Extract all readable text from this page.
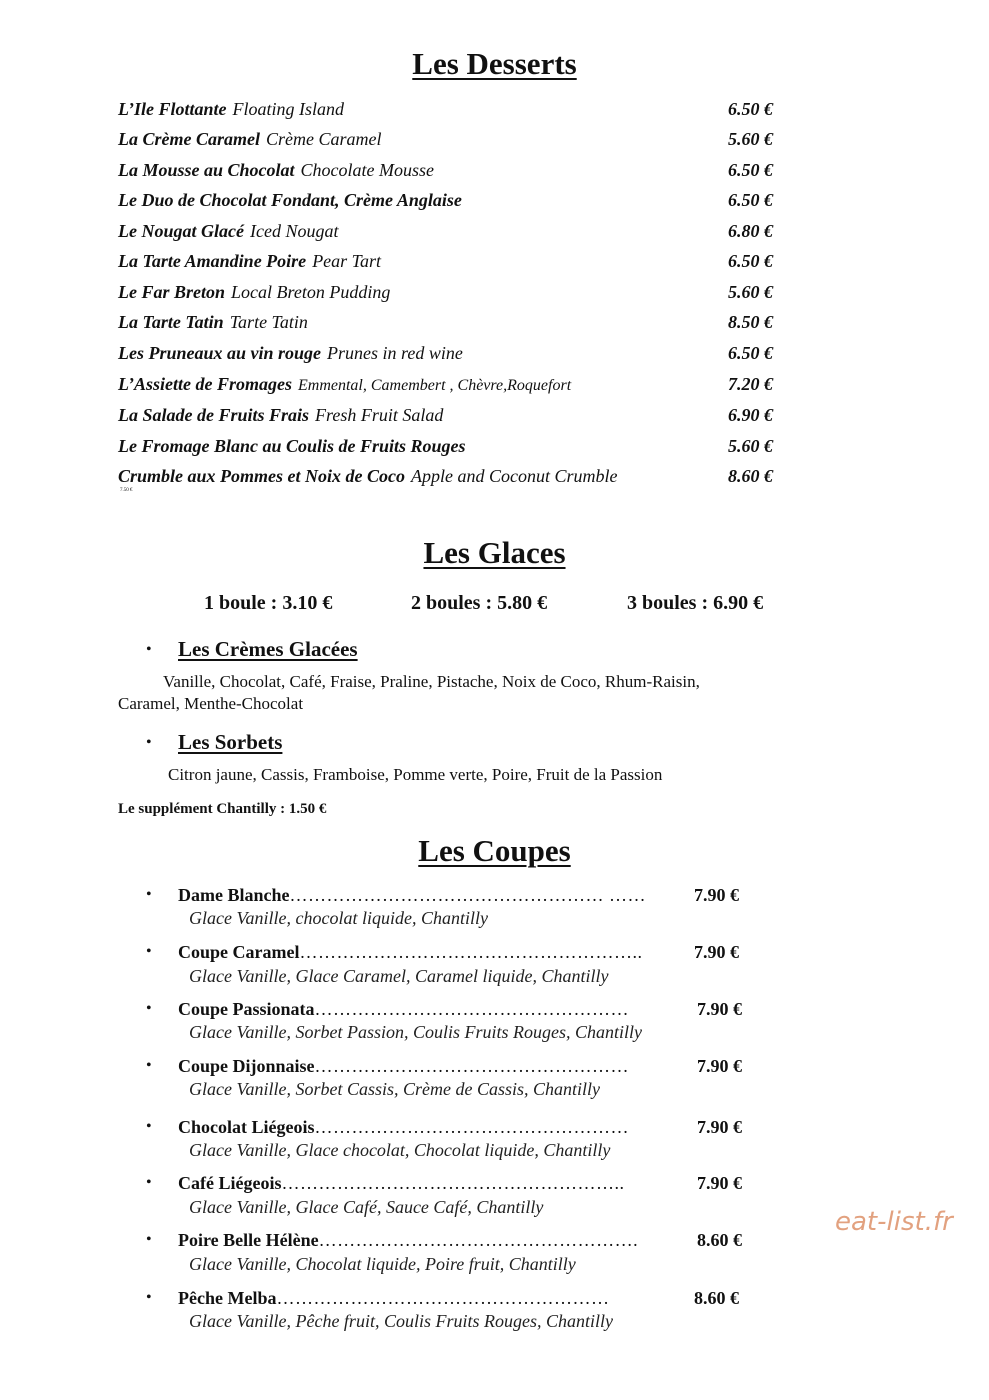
Les Desserts
L’Ile Flottante Floating Island	6.50 €
La Crème Caramel Crème Caramel	5.60 €
La Mousse au Chocolat Chocolate Mousse	6.50 €
Le Duo de Chocolat Fondant, Crème Anglaise	6.50 €
Le Nougat Glacé Iced Nougat	6.80 €
La Tarte Amandine Poire Pear Tart	6.50 €
Le Far Breton Local Breton Pudding	5.60 €
La Tarte Tatin Tarte Tatin	8.50 €
Les Pruneaux au vin rouge Prunes in red wine	6.50 €
L’Assiette de Fromages Emmental, Camembert , Chèvre,Roquefort	7.20 €
La Salade de Fruits Frais Fresh Fruit Salad	6.90 €
Le Fromage Blanc au Coulis de Fruits Rouges	5.60 €
Crumble aux Pommes et Noix de Coco Apple and Coconut Crumble	8.60 €
7.50 €
Les Glaces
1 boule : 3.10 €	2 boules : 5.80 €	3 boules : 6.90 €
• Les Crèmes Glacées
Vanille, Chocolat, Café, Fraise, Praline, Pistache, Noix de Coco, Rhum-Raisin,
Caramel, Menthe-Chocolat
• Les Sorbets
Citron jaune, Cassis, Framboise, Pomme verte, Poire, Fruit de la Passion
Le supplément Chantilly : 1.50 €
Les Coupes
• Dame Blanche…………………………………………… ……	7.90 €
Glace Vanille, chocolat liquide, Chantilly
• Coupe Caramel………………………………………………..	7.90 €
Glace Vanille, Glace Caramel, Caramel liquide, Chantilly
• Coupe Passionata……………………………………………	7.90 €
Glace Vanille, Sorbet Passion, Coulis Fruits Rouges, Chantilly
• Coupe Dijonnaise……………………………………………	7.90 €
Glace Vanille, Sorbet Cassis, Crème de Cassis, Chantilly
• Chocolat Liégeois……………………………………………	7.90 €
Glace Vanille, Glace chocolat, Chocolat liquide, Chantilly
• Café Liégeois………………………………………………..	7.90 €
Glace Vanille, Glace Café, Sauce Café, Chantilly
• Poire Belle Hélène…………………………………………….	8.60 €
Glace Vanille, Chocolat liquide, Poire fruit, Chantilly
• Pêche Melba………………………………………………	8.60 €
Glace Vanille, Pêche fruit, Coulis Fruits Rouges, Chantilly
eat-list.fr
